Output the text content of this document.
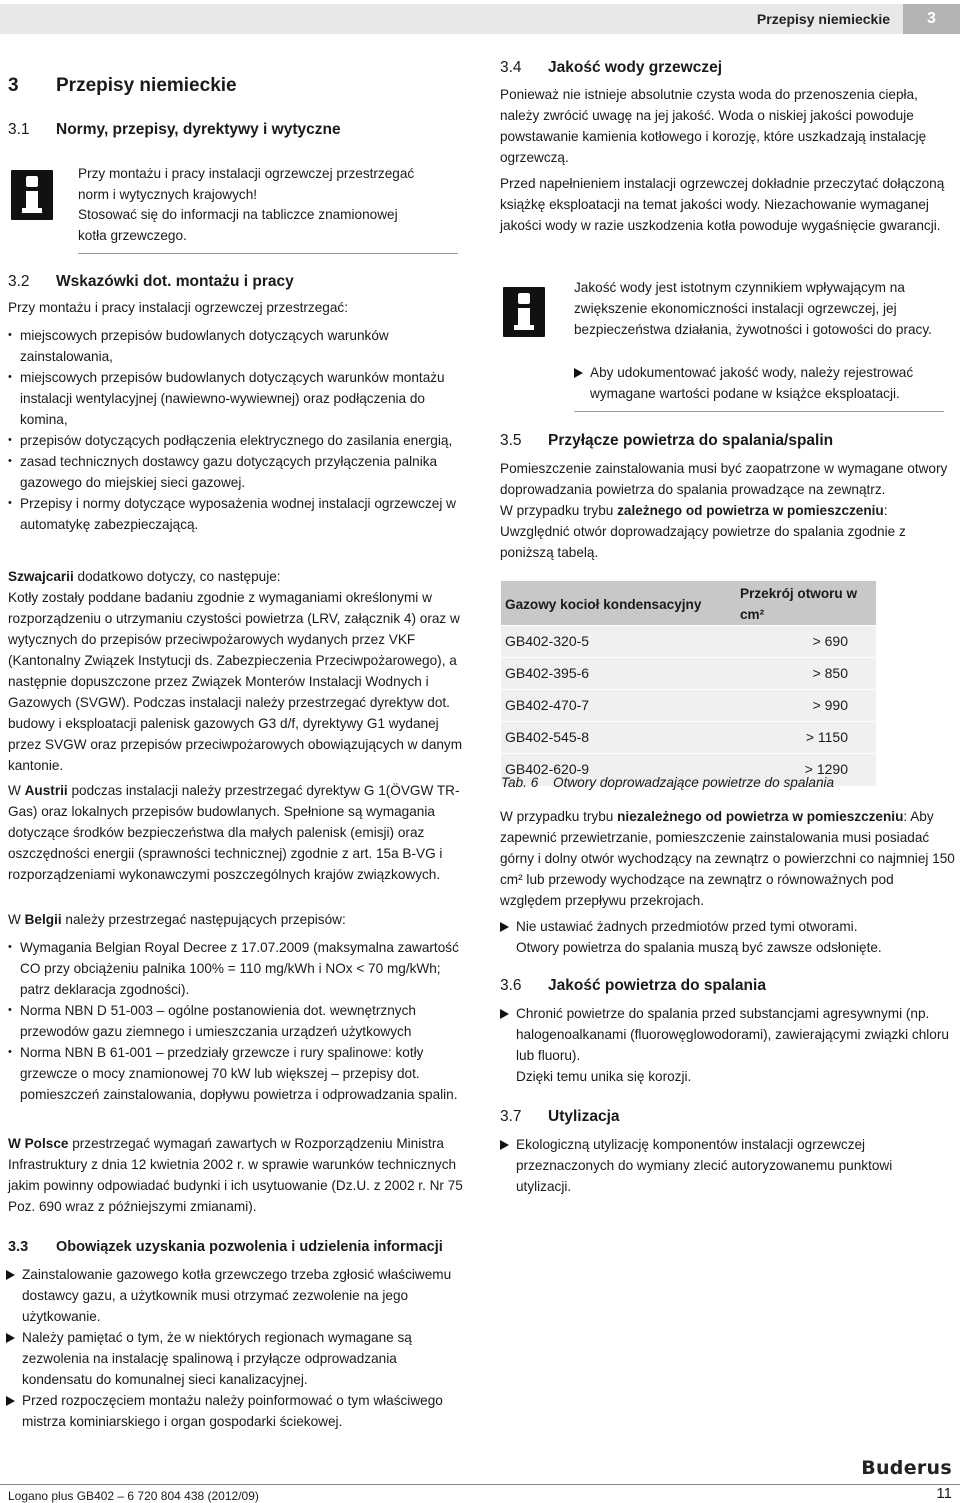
Przepisy niemieckie	3
3 Przepisy niemieckie
3.1 Normy, przepisy, dyrektywy i wytyczne
Przy montażu i pracy instalacji ogrzewczej przestrzegać
norm i wytycznych krajowych!
Stosować się do informacji na tabliczce znamionowej
kotła grzewczego.
3.2 Wskazówki dot. montażu i pracy
Przy montażu i pracy instalacji ogrzewczej przestrzegać:
• miejscowych przepisów budowlanych dotyczących warunków zainstalowania,
• miejscowych przepisów budowlanych dotyczących warunków montażu instalacji wentylacyjnej (nawiewno-wywiewnej) oraz podłączenia do komina,
• przepisów dotyczących podłączenia elektrycznego do zasilania energią,
• zasad technicznych dostawcy gazu dotyczących przyłączenia palnika gazowego do miejskiej sieci gazowej.
• Przepisy i normy dotyczące wyposażenia wodnej instalacji ogrzewczej w automatykę zabezpieczającą.
Szwajcarii dodatkowo dotyczy, co następuje:
Kotły zostały poddane badaniu zgodnie z wymaganiami określonymi w rozporządzeniu o utrzymaniu czystości powietrza (LRV, załącznik 4) oraz w wytycznych do przepisów przeciwpożarowych wydanych przez VKF (Kantonalny Związek Instytucji ds. Zabezpieczenia Przeciwpożarowego), a następnie dopuszczone przez Związek Monterów Instalacji Wodnych i Gazowych (SVGW). Podczas instalacji należy przestrzegać dyrektyw dot. budowy i eksploatacji palenisk gazowych G3 d/f, dyrektywy G1 wydanej przez SVGW oraz przepisów przeciwpożarowych obowiązujących w danym kantonie.
W Austrii podczas instalacji należy przestrzegać dyrektyw G 1(ÖVGW TR-Gas) oraz lokalnych przepisów budowlanych. Spełnione są wymagania dotyczące środków bezpieczeństwa dla małych palenisk (emisji) oraz oszczędności energii (sprawności technicznej) zgodnie z art. 15a B-VG i rozporządzeniami wykonawczymi poszczególnych krajów związkowych.
W Belgii należy przestrzegać następujących przepisów:
• Wymagania Belgian Royal Decree z 17.07.2009 (maksymalna zawartość CO przy obciążeniu palnika 100% = 110 mg/kWh i NOx < 70 mg/kWh; patrz deklaracja zgodności).
• Norma NBN D 51-003 – ogólne postanowienia dot. wewnętrznych przewodów gazu ziemnego i umieszczania urządzeń użytkowych
• Norma NBN B 61-001 – przedziały grzewcze i rury spalinowe: kotły grzewcze o mocy znamionowej 70 kW lub większej – przepisy dot. pomieszczeń zainstalowania, dopływu powietrza i odprowadzania spalin.
W Polsce przestrzegać wymagań zawartych w Rozporządzeniu Ministra Infrastruktury z dnia 12 kwietnia 2002 r. w sprawie warunków technicznych jakim powinny odpowiadać budynki i ich usytuowanie (Dz.U. z 2002 r. Nr 75 Poz. 690 wraz z późniejszymi zmianami).
3.3 Obowiązek uzyskania pozwolenia i udzielenia informacji
Zainstalowanie gazowego kotła grzewczego trzeba zgłosić właściwemu dostawcy gazu, a użytkownik musi otrzymać zezwolenie na jego użytkowanie.
Należy pamiętać o tym, że w niektórych regionach wymagane są zezwolenia na instalację spalinową i przyłącze odprowadzania kondensatu do komunalnej sieci kanalizacyjnej.
Przed rozpoczęciem montażu należy poinformować o tym właściwego mistrza kominiarskiego i organ gospodarki ściekowej.
3.4 Jakość wody grzewczej
Ponieważ nie istnieje absolutnie czysta woda do przenoszenia ciepła, należy zwrócić uwagę na jej jakość. Woda o niskiej jakości powoduje powstawanie kamienia kotłowego i korozję, które uszkadzają instalację ogrzewczą.
Przed napełnieniem instalacji ogrzewczej dokładnie przeczytać dołączoną książkę eksploatacji na temat jakości wody. Niezachowanie wymaganej jakości wody w razie uszkodzenia kotła powoduje wygaśnięcie gwarancji.
Jakość wody jest istotnym czynnikiem wpływającym na zwiększenie ekonomiczności instalacji ogrzewczej, jej bezpieczeństwa działania, żywotności i gotowości do pracy.
Aby udokumentować jakość wody, należy rejestrować wymagane wartości podane w książce eksploatacji.
3.5 Przyłącze powietrza do spalania/spalin
Pomieszczenie zainstalowania musi być zaopatrzone w wymagane otwory doprowadzania powietrza do spalania prowadzące na zewnątrz.
W przypadku trybu zależnego od powietrza w pomieszczeniu: Uwzględnić otwór doprowadzający powietrze do spalania zgodnie z poniższą tabelą.
Gazowy kocioł kondensacyjny	Przekrój otworu w cm²
GB402-320-5	> 690
GB402-395-6	> 850
GB402-470-7	> 990
GB402-545-8	> 1150
GB402-620-9	> 1290
Tab. 6 Otwory doprowadzające powietrze do spalania
W przypadku trybu niezależnego od powietrza w pomieszczeniu: Aby zapewnić przewietrzanie, pomieszczenie zainstalowania musi posiadać górny i dolny otwór wychodzący na zewnątrz o powierzchni co najmniej 150 cm² lub przewody wychodzące na zewnątrz o równoważnych pod względem przepływu przekrojach.
Nie ustawiać żadnych przedmiotów przed tymi otworami.
Otwory powietrza do spalania muszą być zawsze odsłonięte.
3.6 Jakość powietrza do spalania
Chronić powietrze do spalania przed substancjami agresywnymi (np. halogenoalkanami (fluorowęglowodorami), zawierającymi związki chloru lub fluoru).
Dzięki temu unika się korozji.
3.7 Utylizacja
Ekologiczną utylizację komponentów instalacji ogrzewczej przeznaczonych do wymiany zlecić autoryzowanemu punktowi utylizacji.
Buderus
Logano plus GB402 – 6 720 804 438 (2012/09)	11
